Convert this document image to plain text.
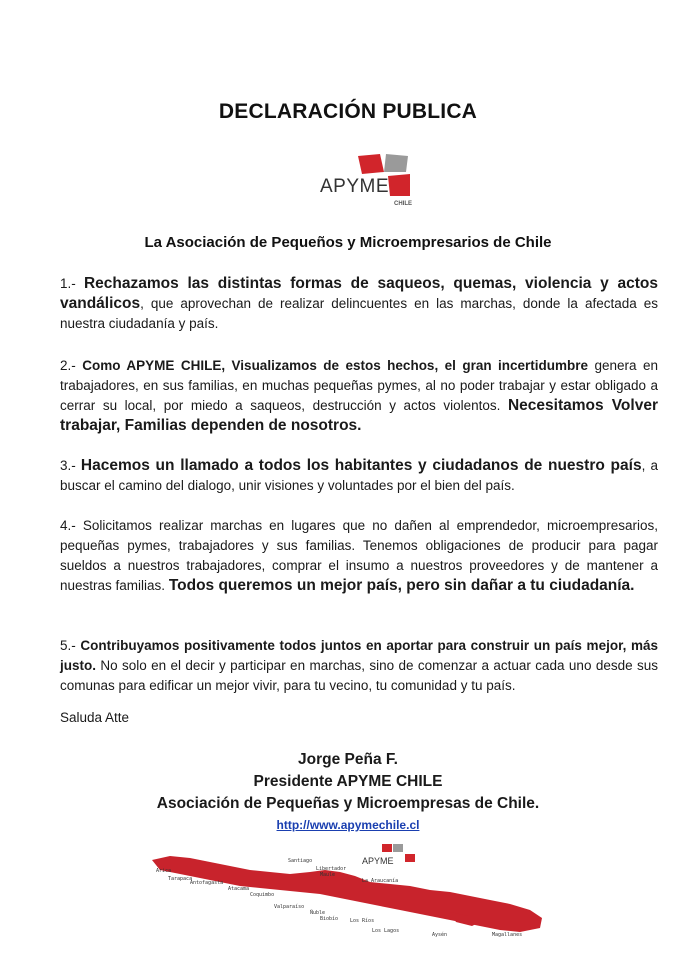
DECLARACIÓN PUBLICA
APYME
CHILE
La Asociación de Pequeños y Microempresarios de Chile
1.- Rechazamos las distintas formas de saqueos, quemas, violencia y actos vandálicos, que aprovechan de realizar delincuentes en las marchas, donde la afectada es nuestra ciudadanía y país.
2.- Como APYME CHILE, Visualizamos de estos hechos, el gran incertidumbre genera en trabajadores, en sus familias, en muchas pequeñas pymes, al no poder trabajar y estar obligado a cerrar su local, por miedo a saqueos, destrucción y actos violentos. Necesitamos Volver trabajar, Familias dependen de nosotros.
3.- Hacemos un llamado a todos los habitantes y ciudadanos de nuestro país, a buscar el camino del dialogo, unir visiones y voluntades por el bien del país.
4.- Solicitamos realizar marchas en lugares que no dañen al emprendedor, microempresarios, pequeñas pymes, trabajadores y sus familias. Tenemos obligaciones de producir para pagar sueldos a nuestros trabajadores, comprar el insumo a nuestros proveedores y de mantener a nuestras familias. Todos queremos un mejor país, pero sin dañar a tu ciudadanía.
5.- Contribuyamos positivamente todos juntos en aportar para construir un país mejor, más justo. No solo en el decir y participar en marchas, sino de comenzar a actuar cada uno desde sus comunas para edificar un mejor vivir, para tu vecino, tu comunidad y tu país.
Saluda Atte
Jorge Peña F.
Presidente APYME CHILE
Asociación de Pequeñas y Microempresas de Chile.
http://www.apymechile.cl
APYME
Arica
Tarapaca
Antofagasta
Atacama
Coquimbo
Valparaíso
Santiago
Libertador
Maule
Ñuble
Biobío
La Araucanía
Los Ríos
Los Lagos
Aysén	Magallanes
